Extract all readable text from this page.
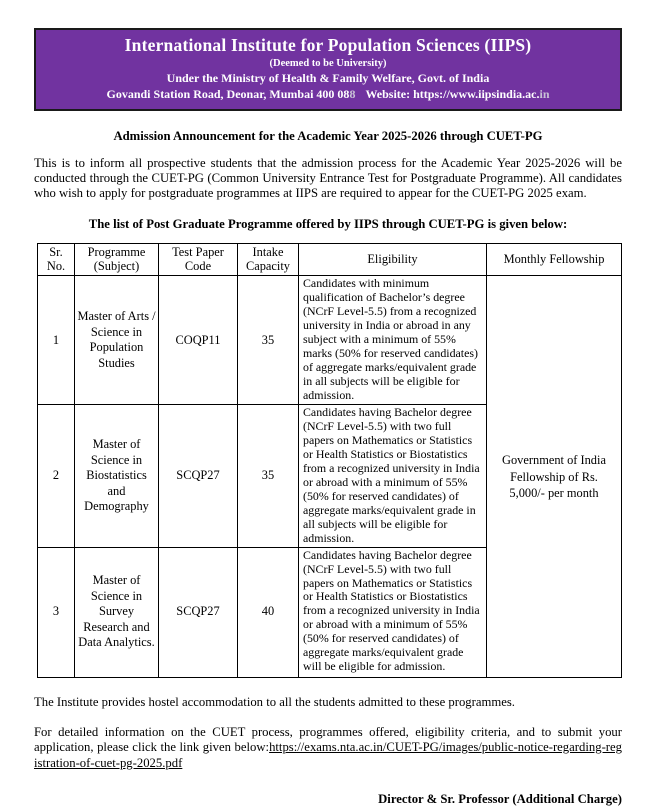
International Institute for Population Sciences (IIPS)
(Deemed to be University)
Under the Ministry of Health & Family Welfare, Govt. of India
Govandi Station Road, Deonar, Mumbai 400 088 Website: https://www.iipsindia.ac.in
Admission Announcement for the Academic Year 2025-2026 through CUET-PG

This is to inform all prospective students that the admission process for the Academic Year 2025-2026 will be conducted through the CUET-PG (Common University Entrance Test for Postgraduate Programme). All candidates who wish to apply for postgraduate programmes at IIPS are required to appear for the CUET-PG 2025 exam.

The list of Post Graduate Programme offered by IIPS through CUET-PG is given below:
Sr. No.	Programme (Subject)	Test Paper Code	Intake Capacity	Eligibility	Monthly Fellowship
1	Master of Arts / Science in Population Studies	COQP11	35	Candidates with minimum qualification of Bachelor’s degree (NCrF Level-5.5) from a recognized university in India or abroad in any subject with a minimum of 55% marks (50% for reserved candidates) of aggregate marks/equivalent grade in all subjects will be eligible for admission.	Government of India Fellowship of Rs. 5,000/- per month
2	Master of Science in Biostatistics and Demography	SCQP27	35	Candidates having Bachelor degree (NCrF Level-5.5) with two full papers on Mathematics or Statistics or Health Statistics or Biostatistics from a recognized university in India or abroad with a minimum of 55% (50% for reserved candidates) of aggregate marks/equivalent grade in all subjects will be eligible for admission.	
3	Master of Science in Survey Research and Data Analytics.	SCQP27	40	Candidates having Bachelor degree (NCrF Level-5.5) with two full papers on Mathematics or Statistics or Health Statistics or Biostatistics from a recognized university in India or abroad with a minimum of 55% (50% for reserved candidates) of aggregate marks/equivalent grade will be eligible for admission.	

The Institute provides hostel accommodation to all the students admitted to these programmes.

For detailed information on the CUET process, programmes offered, eligibility criteria, and to submit your application, please click the link given below:https://exams.nta.ac.in/CUET-PG/images/public-notice-regarding-registration-of-cuet-pg-2025.pdf

Director & Sr. Professor (Additional Charge)
